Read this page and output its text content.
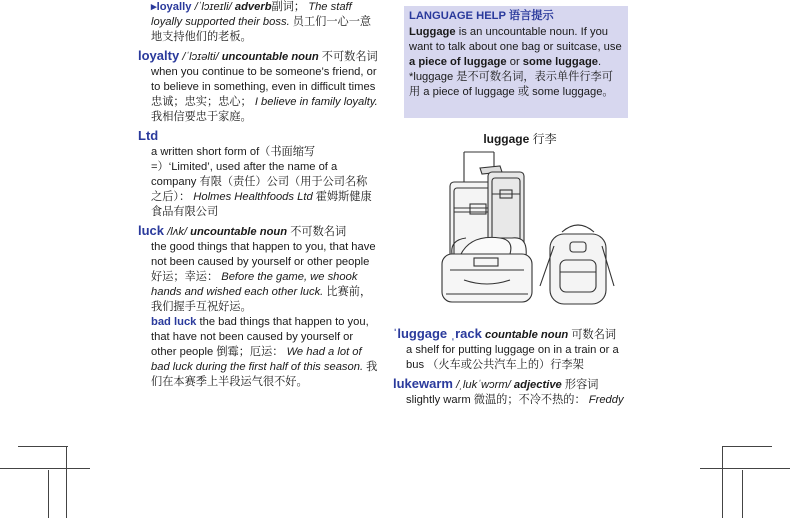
▸loyally /ˈlɔɪeɪli/ adverb副词； The staff loyally supported their boss. 员工们一心一意地支持他们的老板。
loyalty /ˈlɔɪəlti/ uncountable noun 不可数名词
when you continue to be someone’s friend, or to believe in something, even in difficult times 忠诚；忠实；忠心； I believe in family loyalty. 我相信要忠于家庭。
Ltd
a written short form of（书面缩写 =）‘Limited’, used after the name of a company 有限（责任）公司（用于公司名称之后）： Holmes Healthfoods Ltd 霍姆斯健康食品有限公司
luck /lʌk/ uncountable noun 不可数名词
the good things that happen to you, that have not been caused by yourself or other people 好运；幸运： Before the game, we shook hands and wished each other luck. 比赛前，我们握手互祝好运。
bad luck the bad things that happen to you, that have not been caused by yourself or other people 倒霉；厄运： We had a lot of bad luck during the first half of this season. 我们在本赛季上半段运气很不好。
LANGUAGE HELP 语言提示
Luggage is an uncountable noun. If you want to talk about one bag or suitcase, use a piece of luggage or some luggage.
*luggage 是不可数名词，表示单件行李可用 a piece of luggage 或 some luggage。
luggage 行李
ˈluggage ˌrack countable noun 可数名词
a shelf for putting luggage on in a train or a bus （火车或公共汽车上的）行李架
lukewarm /ˌlukˈwɔrm/ adjective 形容词
slightly warm 微温的；不冷不热的： Freddy
